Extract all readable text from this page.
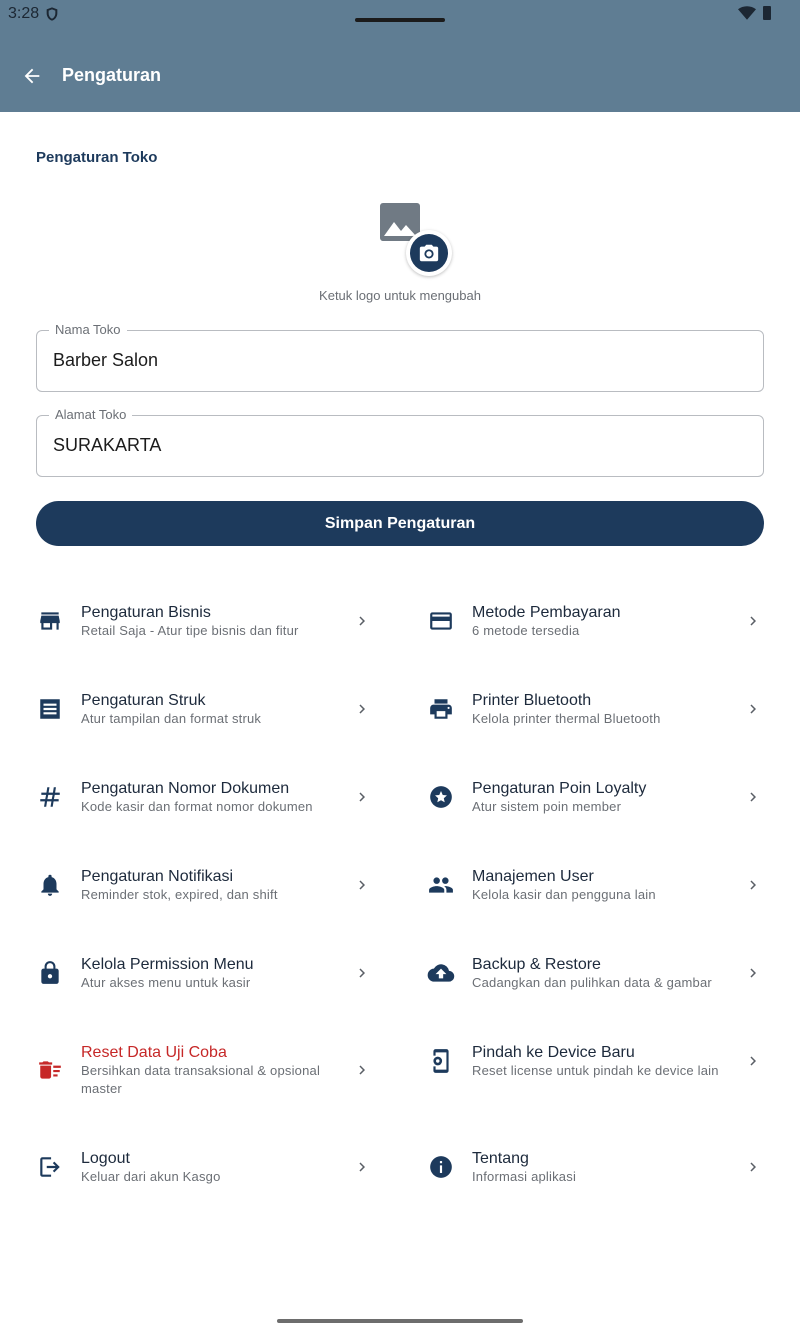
3:28
Pengaturan
Pengaturan Toko
Ketuk logo untuk mengubah
Nama Toko
Barber Salon
Alamat Toko
SURAKARTA
Simpan Pengaturan
Pengaturan Bisnis
Retail Saja - Atur tipe bisnis dan fitur
Metode Pembayaran
6 metode tersedia
Pengaturan Struk
Atur tampilan dan format struk
Printer Bluetooth
Kelola printer thermal Bluetooth
Pengaturan Nomor Dokumen
Kode kasir dan format nomor dokumen
Pengaturan Poin Loyalty
Atur sistem poin member
Pengaturan Notifikasi
Reminder stok, expired, dan shift
Manajemen User
Kelola kasir dan pengguna lain
Kelola Permission Menu
Atur akses menu untuk kasir
Backup & Restore
Cadangkan dan pulihkan data & gambar
Reset Data Uji Coba
Bersihkan data transaksional & opsional master
Pindah ke Device Baru
Reset license untuk pindah ke device lain
Logout
Keluar dari akun Kasgo
Tentang
Informasi aplikasi
